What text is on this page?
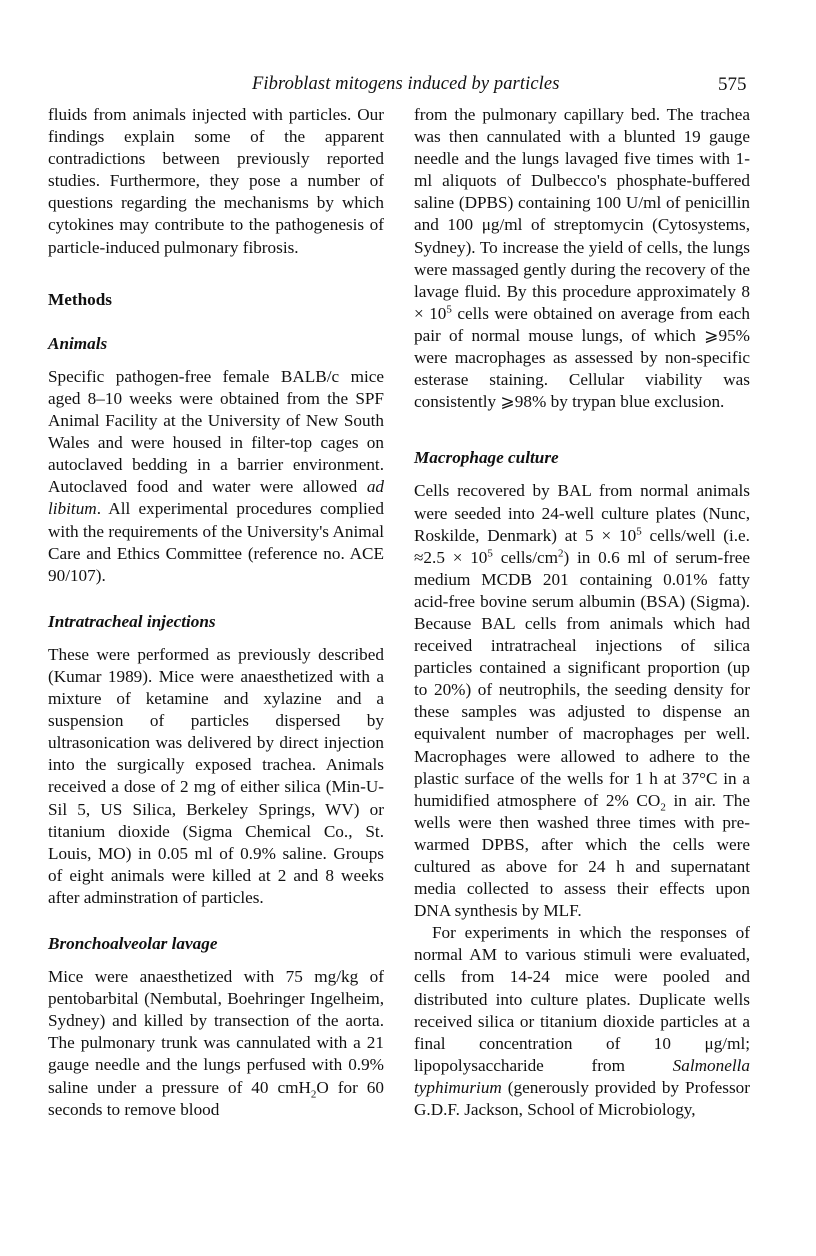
Fibroblast mitogens induced by particles	575

fluids from animals injected with particles. Our findings explain some of the apparent contradictions between previously reported studies. Furthermore, they pose a number of questions regarding the mechanisms by which cytokines may contribute to the pathogenesis of particle-induced pulmonary fibrosis.

Methods
Animals

Specific pathogen-free female BALB/c mice aged 8–10 weeks were obtained from the SPF Animal Facility at the University of New South Wales and were housed in filter-top cages on autoclaved bedding in a barrier environment. Autoclaved food and water were allowed ad libitum. All experimental procedures complied with the requirements of the University's Animal Care and Ethics Committee (reference no. ACE 90/107).

Intratracheal injections

These were performed as previously described (Kumar 1989). Mice were anaesthetized with a mixture of ketamine and xylazine and a suspension of particles dispersed by ultrasonication was delivered by direct injection into the surgically exposed trachea. Animals received a dose of 2 mg of either silica (Min-U-Sil 5, US Silica, Berkeley Springs, WV) or titanium dioxide (Sigma Chemical Co., St. Louis, MO) in 0.05 ml of 0.9% saline. Groups of eight animals were killed at 2 and 8 weeks after adminstration of particles.

Bronchoalveolar lavage

Mice were anaesthetized with 75 mg/kg of pentobarbital (Nembutal, Boehringer Ingelheim, Sydney) and killed by transection of the aorta. The pulmonary trunk was cannulated with a 21 gauge needle and the lungs perfused with 0.9% saline under a pressure of 40 cmH$_2$O for 60 seconds to remove blood

from the pulmonary capillary bed. The trachea was then cannulated with a blunted 19 gauge needle and the lungs lavaged five times with 1-ml aliquots of Dulbecco's phosphate-buffered saline (DPBS) containing 100 U/ml of penicillin and 100 μg/ml of streptomycin (Cytosystems, Sydney). To increase the yield of cells, the lungs were massaged gently during the recovery of the lavage fluid. By this procedure approximately $8 \times 10^5$ cells were obtained on average from each pair of normal mouse lungs, of which ⩾95% were macrophages as assessed by non-specific esterase staining. Cellular viability was consistently ⩾98% by trypan blue exclusion.

Macrophage culture

Cells recovered by BAL from normal animals were seeded into 24-well culture plates (Nunc, Roskilde, Denmark) at $5 \times 10^5$ cells/well (i.e. $\approx 2.5 \times 10^5$ cells/$cm^2$) in 0.6 ml of serum-free medium MCDB 201 containing 0.01% fatty acid-free bovine serum albumin (BSA) (Sigma). Because BAL cells from animals which had received intratracheal injections of silica particles contained a significant proportion (up to 20%) of neutrophils, the seeding density for these samples was adjusted to dispense an equivalent number of macrophages per well. Macrophages were allowed to adhere to the plastic surface of the wells for 1 h at 37°C in a humidified atmosphere of 2% $CO_2$ in air. The wells were then washed three times with pre-warmed DPBS, after which the cells were cultured as above for 24 h and supernatant media collected to assess their effects upon DNA synthesis by MLF.

For experiments in which the responses of normal AM to various stimuli were evaluated, cells from 14-24 mice were pooled and distributed into culture plates. Duplicate wells received silica or titanium dioxide particles at a final concentration of 10 μg/ml; lipopolysaccharide from Salmonella typhimurium (generously provided by Professor G.D.F. Jackson, School of Microbiology,
